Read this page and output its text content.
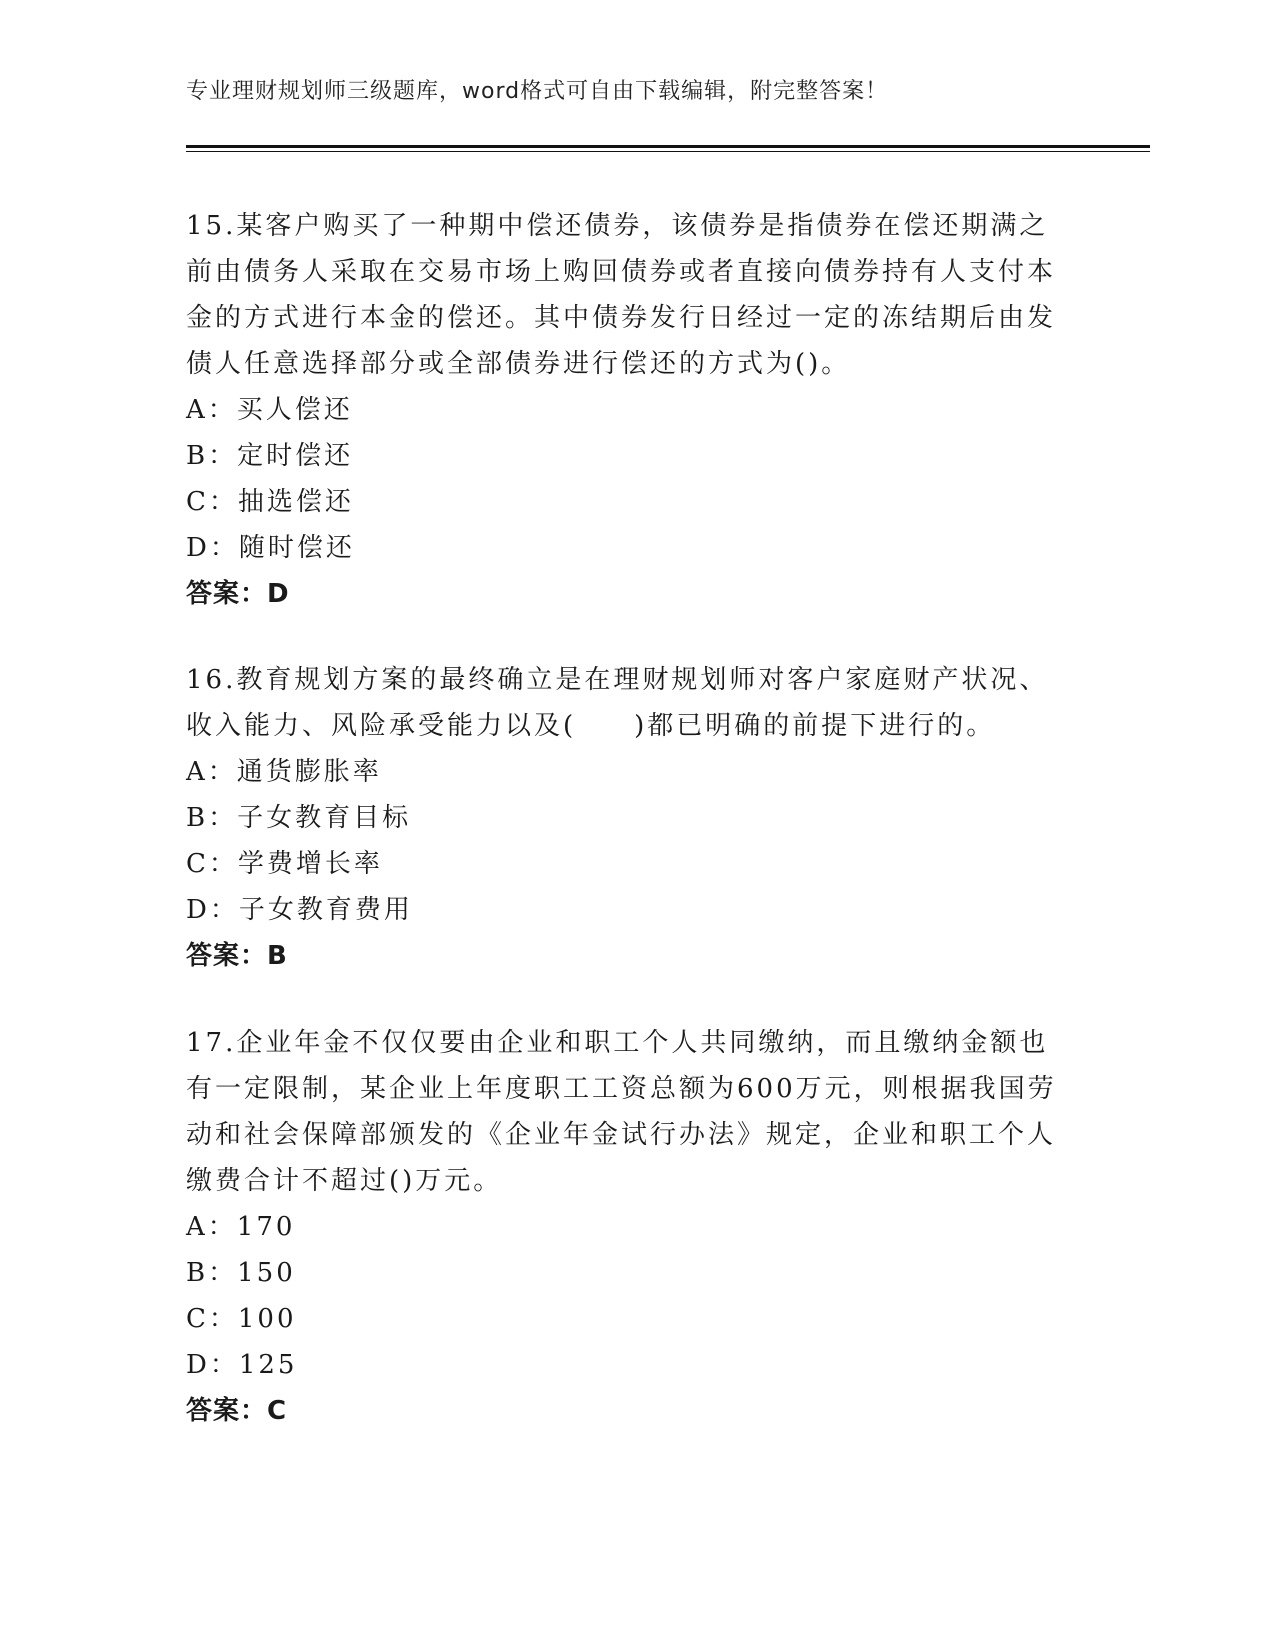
专业理财规划师三级题库，word格式可自由下载编辑，附完整答案！

15.某客户购买了一种期中偿还债券，该债券是指债券在偿还期满之前由债务人采取在交易市场上购回债券或者直接向债券持有人支付本金的方式进行本金的偿还。其中债券发行日经过一定的冻结期后由发债人任意选择部分或全部债券进行偿还的方式为()。

A：买人偿还

B：定时偿还

C：抽选偿还

D：随时偿还

答案：D

16.教育规划方案的最终确立是在理财规划师对客户家庭财产状况、收入能力、风险承受能力以及(　　)都已明确的前提下进行的。

A：通货膨胀率

B：子女教育目标

C：学费增长率

D：子女教育费用

答案：B

17.企业年金不仅仅要由企业和职工个人共同缴纳，而且缴纳金额也有一定限制，某企业上年度职工工资总额为600万元，则根据我国劳动和社会保障部颁发的《企业年金试行办法》规定，企业和职工个人缴费合计不超过()万元。

A：170

B：150

C：100

D：125

答案：C
